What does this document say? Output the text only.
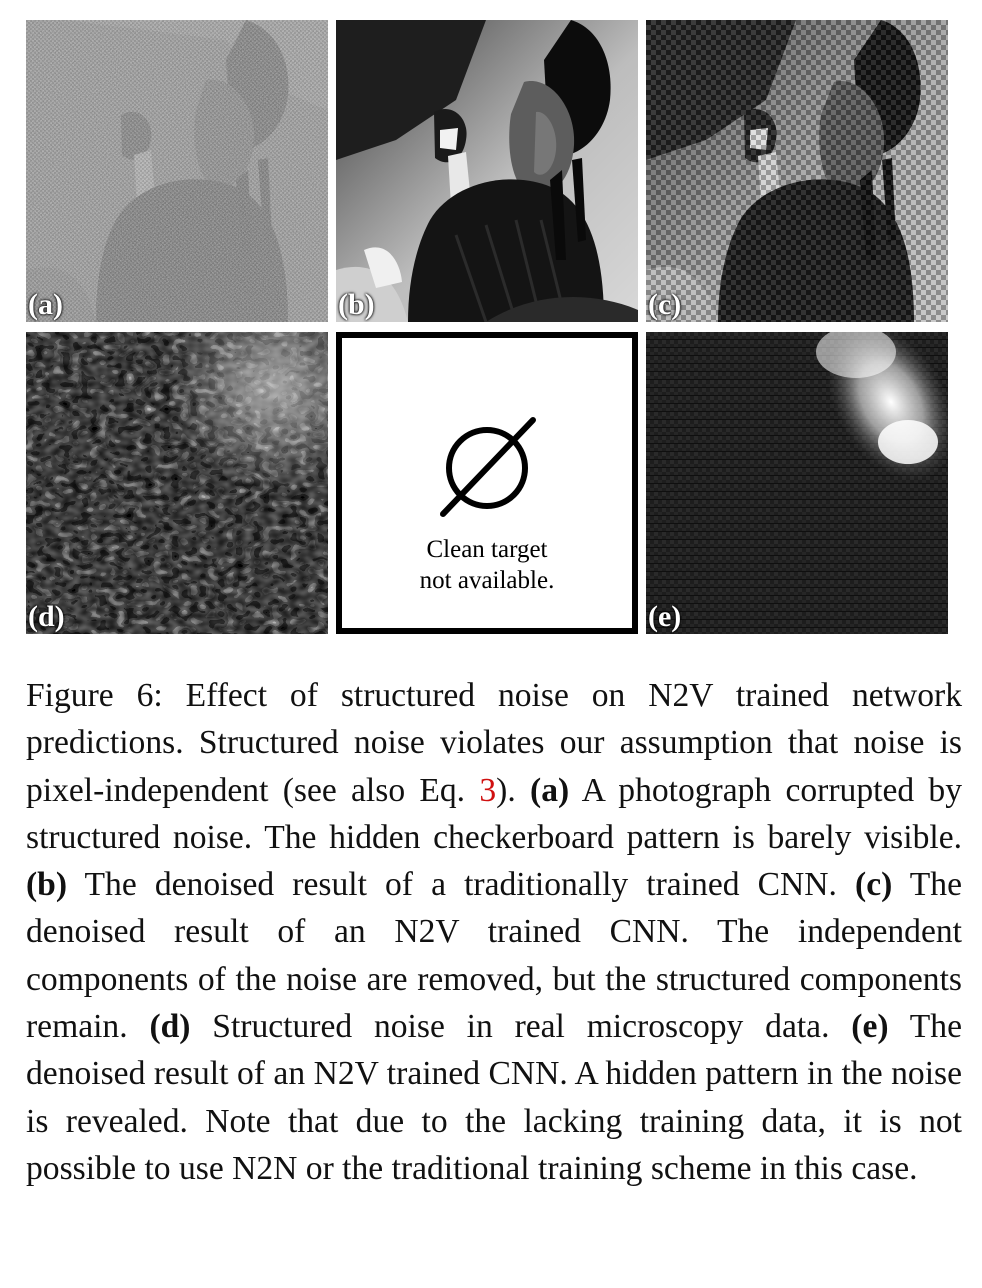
(a)	(b)	(c)
(d)
Clean target
not available.
(e)

Figure 6: Effect of structured noise on N2V trained network predictions. Structured noise violates our assumption that noise is pixel-independent (see also Eq. 3). (a) A photograph corrupted by structured noise. The hidden checkerboard pattern is barely visible. (b) The denoised result of a traditionally trained CNN. (c) The denoised result of an N2V trained CNN. The independent components of the noise are removed, but the structured components remain. (d) Structured noise in real microscopy data. (e) The denoised result of an N2V trained CNN. A hidden pattern in the noise is revealed. Note that due to the lacking training data, it is not possible to use N2N or the traditional training scheme in this case.
